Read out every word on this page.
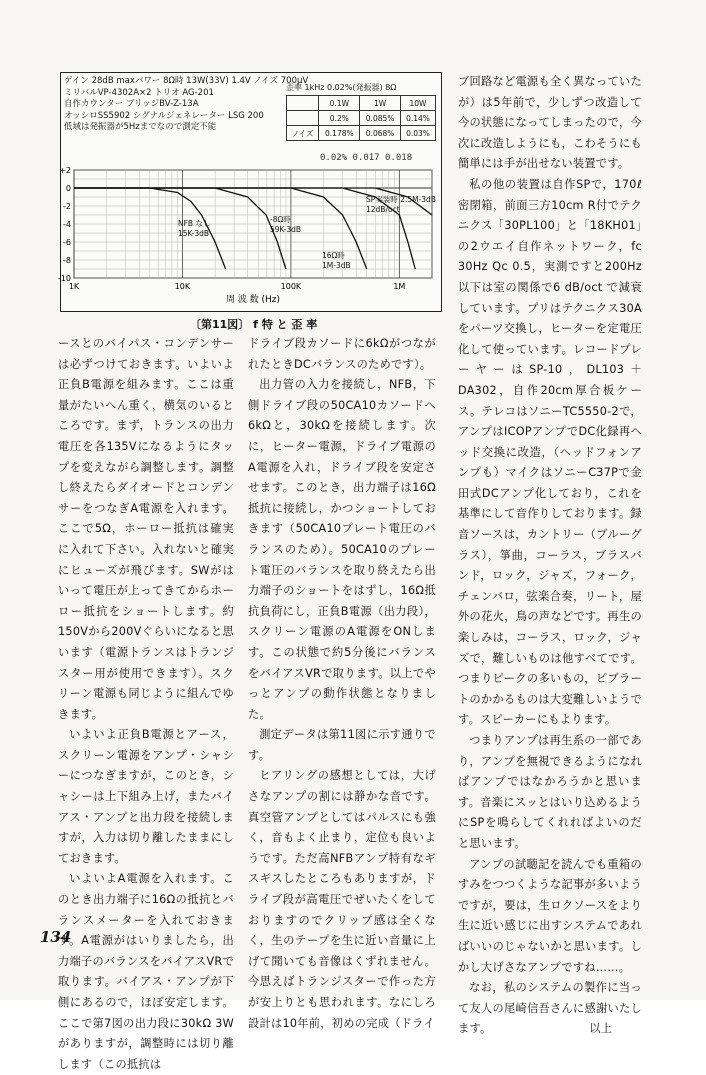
ゲイン 28dB maxパワー 8Ω時 13W(33V) 1.4V ノイズ 700μV
ミリバルVP-4302A×2 トリオ AG-201
自作カウンター ブリッジBV-Z-13A
オッシロSS5902 シグナルジェネレーター LSG 200
低域は発振器が5Hzまでなので測定不能
歪率 1kHz 0.02%(発振器) 8Ω
	0.1W	1W	10W
	0.2%	0.085%	0.14%
ノイズ	0.178%	0.068%	0.03%
0.02% 0.017 0.018
1K	10K	100K	1M
+2
0
-2
-4
-6
-8
-10
NFB なし
15K-3dB
-8Ω時
59K-3dB
16Ω時
1M-3dB
SP実装時 2.5M-3dB
12dB/oct
周 波 数 (Hz)
〔第11図〕 f 特 と 歪 率

ースとのバイパス・コンデンサーは必ずつけておきます。いよいよ正負B電源を組みます。ここは重量がたいへん重く，横気のいるところです。まず，トランスの出力電圧を各135Vになるようにタップを変えながら調整します。調整し終えたらダイオードとコンデンサーをつなぎA電源を入れます。ここで5Ω，ホーロー抵抗は確実に入れて下さい。入れないと確実にヒューズが飛びます。SWがはいって電圧が上ってきてからホーロー抵抗をショートします。約150Vから200Vぐらいになると思います（電源トランスはトランジスター用が使用できます）。スクリーン電源も同じように組んでゆきます。

いよいよ正負B電源とアース，スクリーン電源をアンプ・シャシーにつなぎますが，このとき，シャシーは上下組み上げ，またバイアス・アンプと出力段を接続しますが，入力は切り離したままにしておきます。

いよいよA電源を入れます。このとき出力端子に16Ωの抵抗とバランスメーターを入れておきます。A電源がはいりましたら，出力端子のバランスをバイアスVRで取ります。バイアス・アンプが下側にあるので，ほぼ安定します。ここで第7図の出力段に30kΩ 3Wがありますが，調整時には切り離します（この抵抗は

ドライブ段カソードに6kΩがつながれたときDCバランスのためです）。

出力管の入力を接続し，NFB，下側ドライブ段の50CA10カソードへ6kΩと，30kΩを接続します。次に，ヒーター電源，ドライブ電源のA電源を入れ，ドライブ段を安定させます。このとき，出力端子は16Ω抵抗に接続し，かつショートしておきます（50CA10プレート電圧のバランスのため）。50CA10のプレート電圧のバランスを取り終えたら出力端子のショートをはずし，16Ω抵抗負荷にし，正負B電源（出力段），スクリーン電源のA電源をONします。この状態で約5分後にバランスをバイアスVRで取ります。以上でやっとアンプの動作状態となりました。

測定データは第11図に示す通りです。

ヒアリングの感想としては，大げさなアンプの割には静かな音です。真空管アンプとしてはパルスにも強く，音もよく止まり，定位も良いようです。ただ高NFBアンプ特有なギスギスしたところもありますが，ドライブ段が高電圧でぜいたくをしておりますのでクリップ感は全くなく，生のテープを生に近い音量に上げて聞いても音像はくずれません。今思えばトランジスターで作った方が安上りとも思われます。なにしろ設計は10年前，初めの完成（ドライ

ブ回路など電源も全く異なっていたが）は5年前で，少しずつ改造して今の状態になってしまったので，今次に改造しようにも，こわそうにも簡単には手が出せない装置です。

私の他の装置は自作SPで，170ℓ密閉箱，前面三方10cm R付でテクニクス「30PL100」と「18KH01」の2ウエイ自作ネットワーク，fc 30Hz Qc 0.5，実測ですと200Hz以下は室の関係で6 dB/oct で減衰しています。プリはテクニクス30Aをパーツ交換し，ヒーターを定電圧化して使っています。レコードプレーヤーはSP-10，DL103＋DA302，自作20cm厚合板ケース。テレコはソニーTC5550-2で，アンプはICOPアンプでDC化録再ヘッド交換に改造，（ヘッドフォンアンプも）マイクはソニーC37Pで金田式DCアンプ化しており，これを基準にして音作りしております。録音ソースは，カントリー（ブルーグラス），箏曲，コーラス，ブラスバンド，ロック，ジャズ，フォーク，チェンバロ，弦楽合奏，リート，屋外の花火，鳥の声などです。再生の楽しみは，コーラス，ロック，ジャズで，難しいものは他すべてです。つまりピークの多いもの，ピブラートのかかるものは大変難しいようです。スピーカーにもよります。

つまりアンプは再生系の一部であり，アンプを無視できるようになればアンプではなかろうかと思います。音楽にスッとはいり込めるようにSPを鳴らしてくれればよいのだと思います。

アンプの試聴記を読んでも重箱のすみをつつくような記事が多いようですが，要は，生ロクソースをより生に近い感じに出すシステムであればいいのじゃないかと思います。しかし大げさなアンプですね……。

なお，私のシステムの製作に当って友人の尾崎信吾さんに感謝いたします。　　　　　　　　　以上

134
